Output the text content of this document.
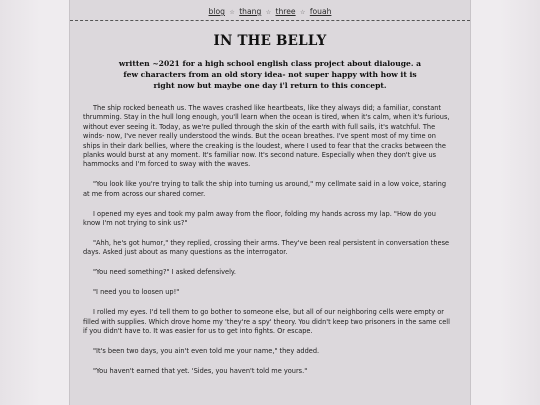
blog ☆ thang ☆ three ☆ fouah
IN THE BELLY
written ~2021 for a high school english class project about dialouge. a few characters from an old story idea- not super happy with how it is right now but maybe one day i'l return to this concept.

The ship rocked beneath us. The waves crashed like heartbeats, like they always did; a familiar, constant thrumming. Stay in the hull long enough, you'll learn when the ocean is tired, when it's calm, when it's furious, without ever seeing it. Today, as we're pulled through the skin of the earth with full sails, it's watchful. The winds- now, I've never really understood the winds. But the ocean breathes. I've spent most of my time on ships in their dark bellies, where the creaking is the loudest, where I used to fear that the cracks between the planks would burst at any moment. It's familiar now. It's second nature. Especially when they don't give us hammocks and I'm forced to sway with the waves.

"You look like you're trying to talk the ship into turning us around," my cellmate said in a low voice, staring at me from across our shared corner.

I opened my eyes and took my palm away from the floor, folding my hands across my lap. "How do you know I'm not trying to sink us?"

"Ahh, he's got humor," they replied, crossing their arms. They've been real persistent in conversation these days. Asked just about as many questions as the interrogator.

"You need something?" I asked defensively.

"I need you to loosen up!"

I rolled my eyes. I'd tell them to go bother to someone else, but all of our neighboring cells were empty or filled with supplies. Which drove home my 'they're a spy' theory. You didn't keep two prisoners in the same cell if you didn't have to. It was easier for us to get into fights. Or escape.

"It's been two days, you ain't even told me your name," they added.

"You haven't earned that yet. 'Sides, you haven't told me yours."
